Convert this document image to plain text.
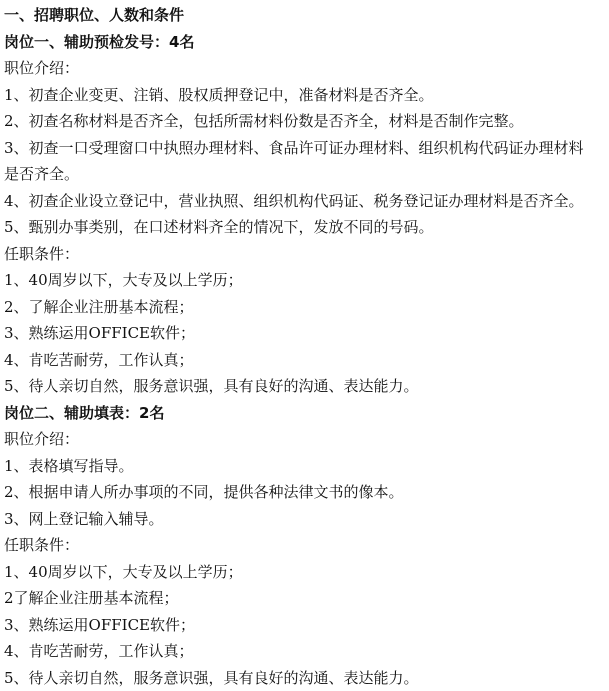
一、招聘职位、人数和条件
岗位一、辅助预检发号：4名
职位介绍：
1、初查企业变更、注销、股权质押登记中，准备材料是否齐全。
2、初查名称材料是否齐全，包括所需材料份数是否齐全，材料是否制作完整。
3、初查一口受理窗口中执照办理材料、食品许可证办理材料、组织机构代码证办理材料
是否齐全。
4、初查企业设立登记中，营业执照、组织机构代码证、税务登记证办理材料是否齐全。
5、甄别办事类别，在口述材料齐全的情况下，发放不同的号码。
任职条件：
1、40周岁以下，大专及以上学历；
2、了解企业注册基本流程；
3、熟练运用OFFICE软件；
4、肯吃苦耐劳，工作认真；
5、待人亲切自然，服务意识强，具有良好的沟通、表达能力。
岗位二、辅助填表：2名
职位介绍：
1、表格填写指导。
2、根据申请人所办事项的不同，提供各种法律文书的像本。
3、网上登记输入辅导。
任职条件：
1、40周岁以下，大专及以上学历；
2了解企业注册基本流程；
3、熟练运用OFFICE软件；
4、肯吃苦耐劳，工作认真；
5、待人亲切自然，服务意识强，具有良好的沟通、表达能力。
